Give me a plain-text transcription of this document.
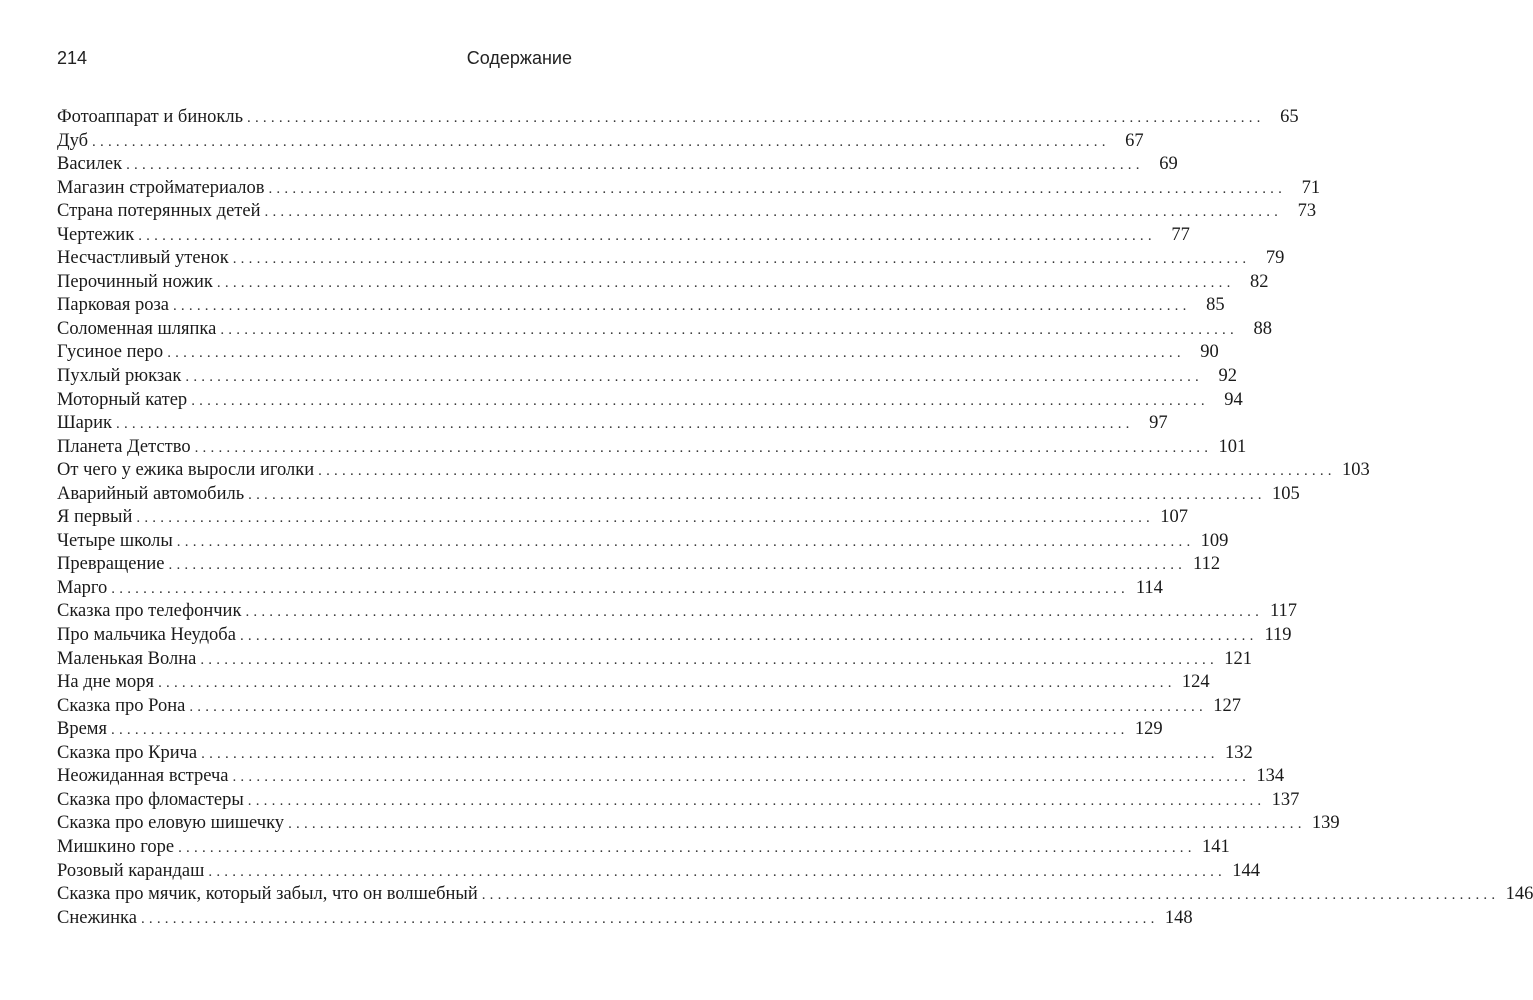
214	Содержание
Фотоаппарат и бинокль ................................................................................................................................ 65
Дуб ................................................................................................................................ 67
Василек ................................................................................................................................ 69
Магазин стройматериалов ................................................................................................................................ 71
Страна потерянных детей ................................................................................................................................ 73
Чертежик ................................................................................................................................ 77
Несчастливый утенок ................................................................................................................................ 79
Перочинный ножик ................................................................................................................................ 82
Парковая роза ................................................................................................................................ 85
Соломенная шляпка ................................................................................................................................ 88
Гусиное перо ................................................................................................................................ 90
Пухлый рюкзак ................................................................................................................................ 92
Моторный катер ................................................................................................................................ 94
Шарик ................................................................................................................................ 97
Планета Детство ................................................................................................................................ 101
От чего у ежика выросли иголки ................................................................................................................................ 103
Аварийный автомобиль ................................................................................................................................ 105
Я первый ................................................................................................................................ 107
Четыре школы ................................................................................................................................ 109
Превращение ................................................................................................................................ 112
Марго ................................................................................................................................ 114
Сказка про телефончик ................................................................................................................................ 117
Про мальчика Неудоба ................................................................................................................................ 119
Маленькая Волна ................................................................................................................................ 121
На дне моря ................................................................................................................................ 124
Сказка про Рона ................................................................................................................................ 127
Время ................................................................................................................................ 129
Сказка про Крича ................................................................................................................................ 132
Неожиданная встреча ................................................................................................................................ 134
Сказка про фломастеры ................................................................................................................................ 137
Сказка про еловую шишечку ................................................................................................................................ 139
Мишкино горе ................................................................................................................................ 141
Розовый карандаш ................................................................................................................................ 144
Сказка про мячик, который забыл, что он волшебный ................................................................................................................................ 146
Снежинка ................................................................................................................................ 148
